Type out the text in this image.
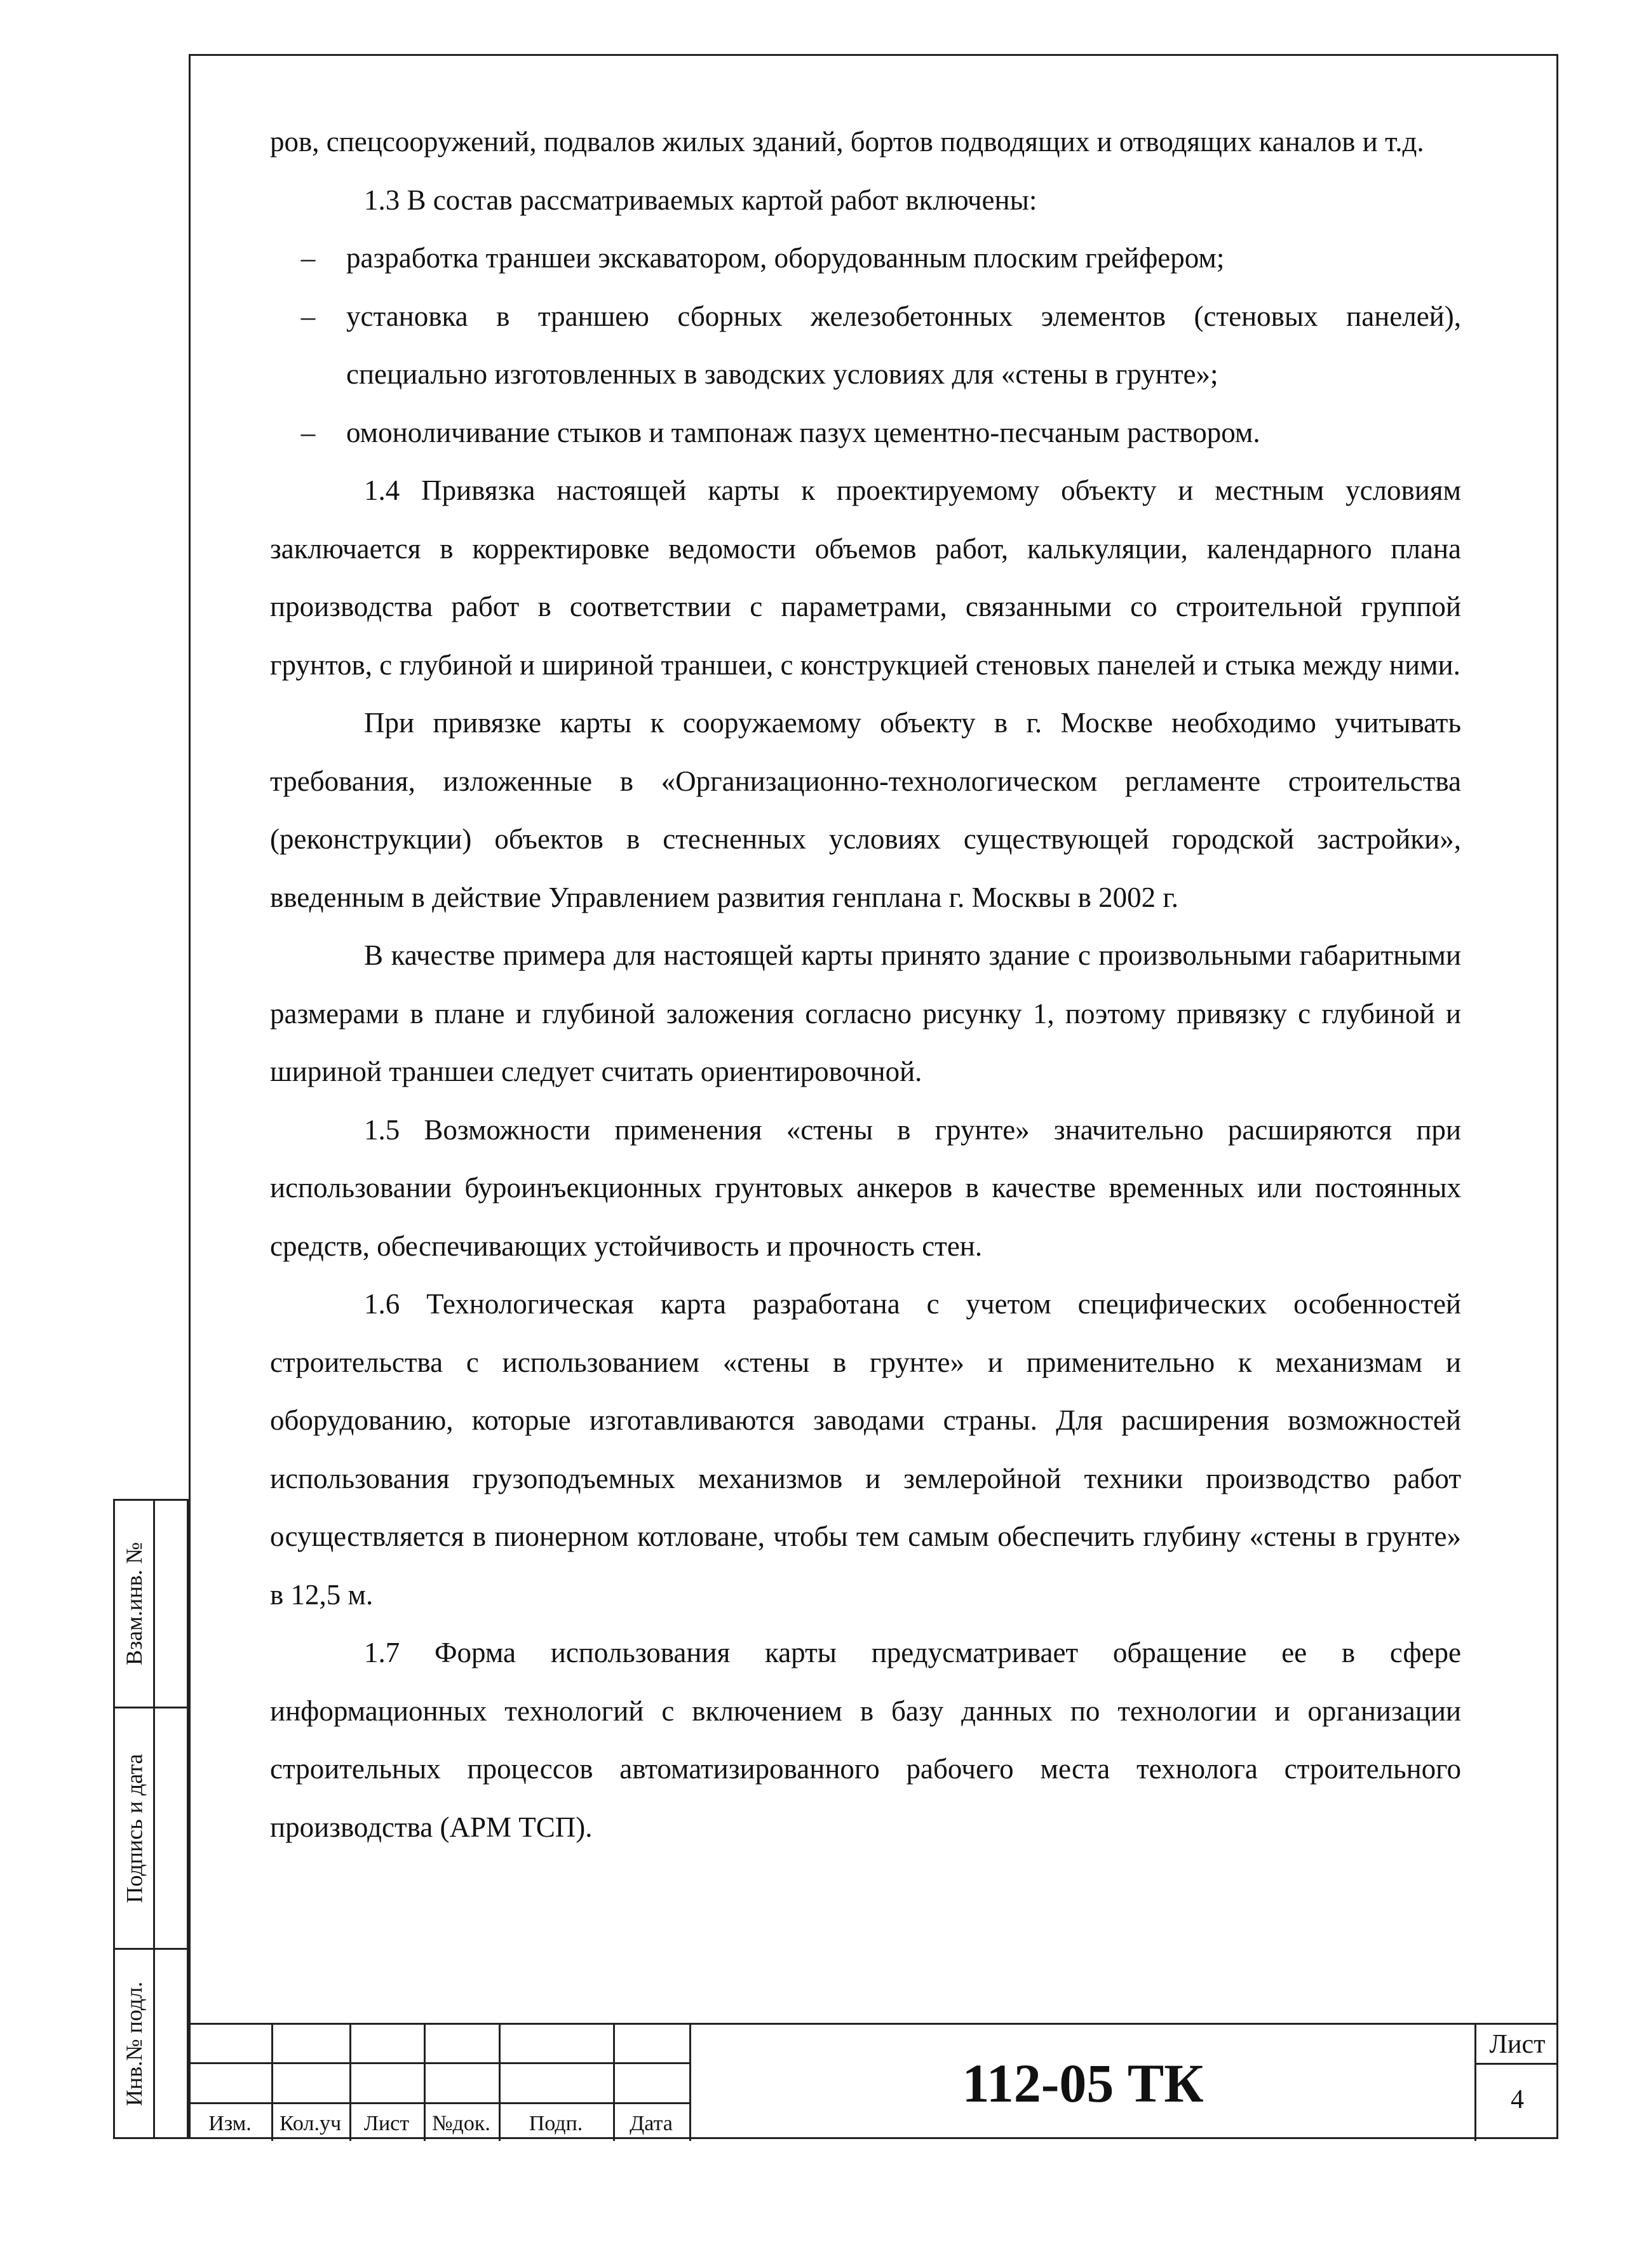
ров, спецсооружений, подвалов жилых зданий, бортов подводящих и отводящих каналов и т.д.

1.3 В состав рассматриваемых картой работ включены:

–	разработка траншеи экскаватором, оборудованным плоским грейфером;
–	установка в траншею сборных железобетонных элементов (стеновых панелей), специально изготовленных в заводских условиях для «стены в грунте»;
–	омоноличивание стыков и тампонаж пазух цементно-песчаным раствором.

1.4 Привязка настоящей карты к проектируемому объекту и местным условиям заключается в корректировке ведомости объемов работ, калькуляции, календарного плана производства работ в соответствии с параметрами, связанными со строительной группой грунтов, с глубиной и шириной траншеи, с конструкцией стеновых панелей и стыка между ними.

При привязке карты к сооружаемому объекту в г. Москве необходимо учитывать требования, изложенные в «Организационно-технологическом регламенте строительства (реконструкции) объектов в стесненных условиях существующей городской застройки», введенным в действие Управлением развития генплана г. Москвы в 2002 г.

В качестве примера для настоящей карты принято здание с произвольными габаритными размерами в плане и глубиной заложения согласно рисунку 1, поэтому привязку с глубиной и шириной траншеи следует считать ориентировочной.

1.5 Возможности применения «стены в грунте» значительно расширяются при использовании буроинъекционных грунтовых анкеров в качестве временных или постоянных средств, обеспечивающих устойчивость и прочность стен.

1.6 Технологическая карта разработана с учетом специфических особенностей строительства с использованием «стены в грунте» и применительно к механизмам и оборудованию, которые изготавливаются заводами страны. Для расширения возможностей использования грузоподъемных механизмов и землеройной техники производство работ осуществляется в пионерном котловане, чтобы тем самым обеспечить глубину «стены в грунте» в 12,5 м.

1.7 Форма использования карты предусматривает обращение ее в сфере информационных технологий с включением в базу данных по технологии и организации строительных процессов автоматизированного рабочего места технолога строительного производства (АРМ ТСП).

Взам.инв. №
Подпись и дата
Инв.№ подл.
Изм.	Кол.уч	Лист	№док.	Подп.	Дата
112-05 ТК
Лист
4
